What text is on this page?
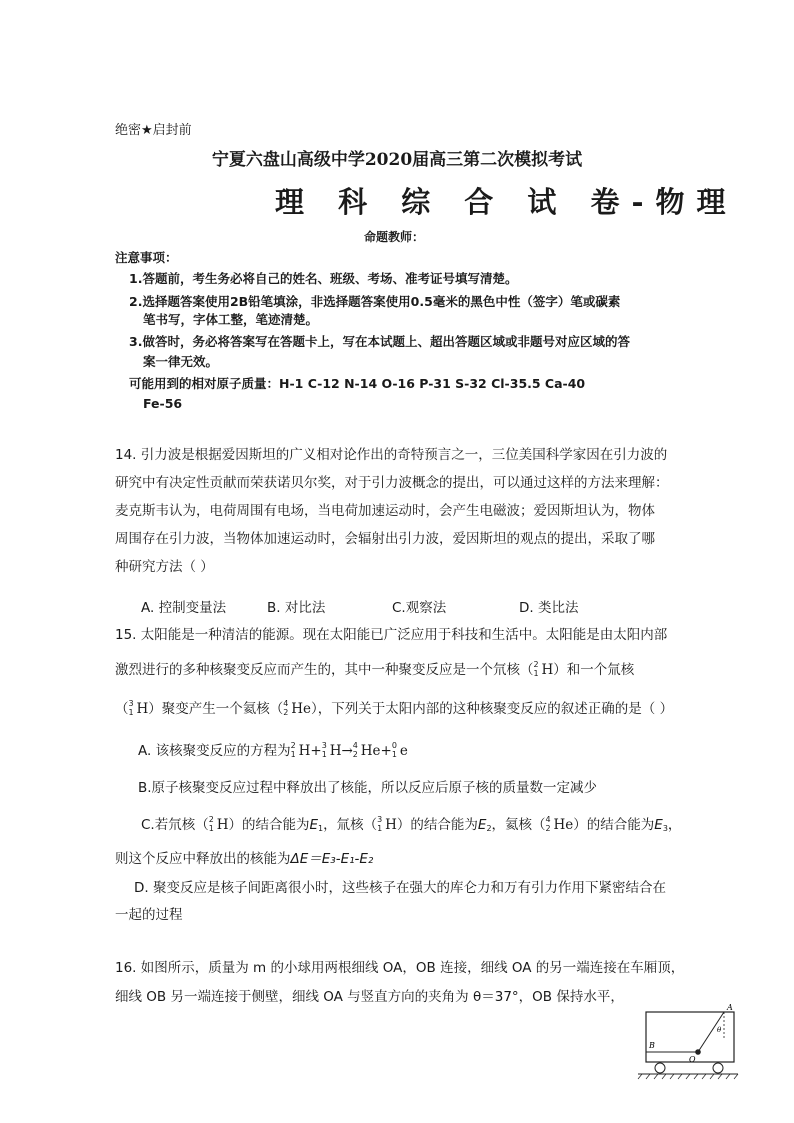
绝密★启封前
宁夏六盘山高级中学2020届高三第二次模拟考试
理 科 综 合 试 卷-物理
命题教师：
注意事项：
1.答题前，考生务必将自己的姓名、班级、考场、准考证号填写清楚。
2.选择题答案使用2B铅笔填涂，非选择题答案使用0.5毫米的黑色中性（签字）笔或碳素
笔书写，字体工整，笔迹清楚。
3.做答时，务必将答案写在答题卡上，写在本试题上、超出答题区域或非题号对应区域的答
案一律无效。
可能用到的相对原子质量：H-1 C-12 N-14 O-16 P-31 S-32 Cl-35.5 Ca-40
Fe-56
14. 引力波是根据爱因斯坦的广义相对论作出的奇特预言之一，三位美国科学家因在引力波的
研究中有决定性贡献而荣获诺贝尔奖，对于引力波概念的提出，可以通过这样的方法来理解：
麦克斯韦认为，电荷周围有电场，当电荷加速运动时，会产生电磁波；爱因斯坦认为，物体
周围存在引力波，当物体加速运动时，会辐射出引力波，爱因斯坦的观点的提出，采取了哪
种研究方法（ ）
A. 控制变量法	B. 对比法	C.观察法	D. 类比法
15. 太阳能是一种清洁的能源。现在太阳能已广泛应用于科技和生活中。太阳能是由太阳内部
激烈进行的多种核聚变反应而产生的，其中一种聚变反应是一个氘核（ 2
1 H）和一个氚核
（ 3
1 H）聚变产生一个氦核（ 4
2 He），下列关于太阳内部的这种核聚变反应的叙述正确的是（ ）
A. 该核聚变反应的方程为 2
1 H+ 3
1 H→ 4
2 He+ 0
1 e
B.原子核聚变反应过程中释放出了核能，所以反应后原子核的质量数一定减少
C.若氘核（ 2
1 H）的结合能为$E_1$，氚核（ 3
1 H）的结合能为$E_2$，氦核（ 4
2 He）的结合能为$E_3$，
则这个反应中释放出的核能为ΔE＝E₃-E₁-E₂
D. 聚变反应是核子间距离很小时，这些核子在强大的库仑力和万有引力作用下紧密结合在
一起的过程
16. 如图所示，质量为 m 的小球用两根细线 OA，OB 连接，细线 OA 的另一端连接在车厢顶，
细线 OB 另一端连接于侧壁，细线 OA 与竖直方向的夹角为 θ＝37°，OB 保持水平，
A
B
O
θ
